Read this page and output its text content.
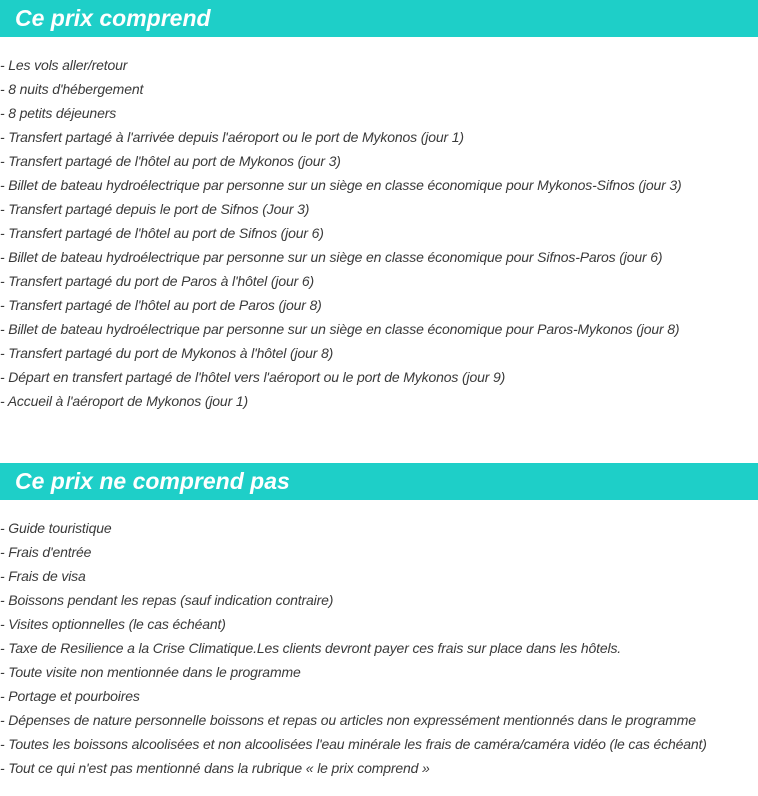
Ce prix comprend
- Les vols aller/retour
- 8 nuits d'hébergement
- 8 petits déjeuners
- Transfert partagé à l'arrivée depuis l'aéroport ou le port de Mykonos (jour 1)
- Transfert partagé de l'hôtel au port de Mykonos (jour 3)
- Billet de bateau hydroélectrique par personne sur un siège en classe économique pour Mykonos-Sifnos (jour 3)
- Transfert partagé depuis le port de Sifnos (Jour 3)
- Transfert partagé de l'hôtel au port de Sifnos (jour 6)
- Billet de bateau hydroélectrique par personne sur un siège en classe économique pour Sifnos-Paros (jour 6)
- Transfert partagé du port de Paros à l'hôtel (jour 6)
- Transfert partagé de l'hôtel au port de Paros (jour 8)
- Billet de bateau hydroélectrique par personne sur un siège en classe économique pour Paros-Mykonos (jour 8)
- Transfert partagé du port de Mykonos à l'hôtel (jour 8)
- Départ en transfert partagé de l'hôtel vers l'aéroport ou le port de Mykonos (jour 9)
- Accueil à l'aéroport de Mykonos (jour 1)
Ce prix ne comprend pas
- Guide touristique
- Frais d'entrée
- Frais de visa
- Boissons pendant les repas (sauf indication contraire)
- Visites optionnelles (le cas échéant)
- Taxe de Resilience a la Crise Climatique.Les clients devront payer ces frais sur place dans les hôtels.
- Toute visite non mentionnée dans le programme
- Portage et pourboires
- Dépenses de nature personnelle boissons et repas ou articles non expressément mentionnés dans le programme
- Toutes les boissons alcoolisées et non alcoolisées l'eau minérale les frais de caméra/caméra vidéo (le cas échéant)
- Tout ce qui n'est pas mentionné dans la rubrique « le prix comprend »
